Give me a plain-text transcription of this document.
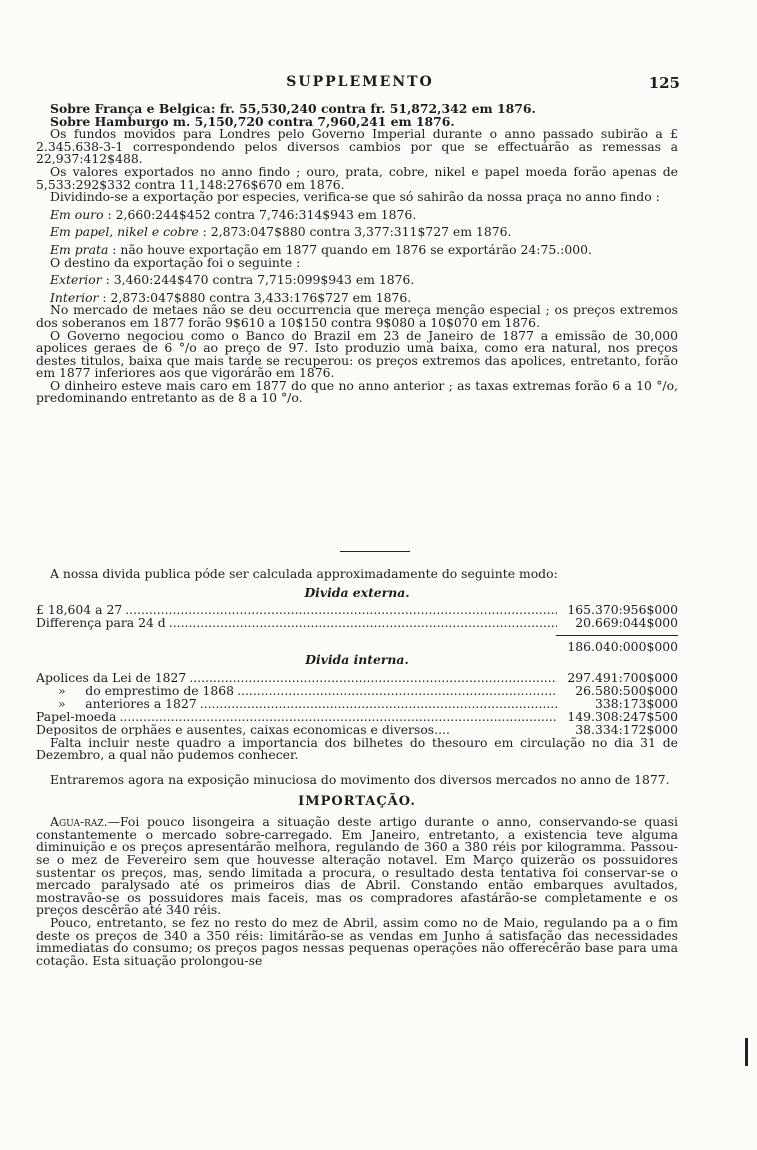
SUPPLEMENTO	125

Sobre França e Belgica: fr. 55,530,240 contra fr. 51,872,342 em 1876.

Sobre Hamburgo m. 5,150,720 contra 7,960,241 em 1876.

Os fundos movidos para Londres pelo Governo Imperial durante o anno passado subirão a £ 2.345.638-3-1 correspondendo pelos diversos cambios por que se effectuárão as remessas a 22,937:412$488.

Os valores exportados no anno findo ; ouro, prata, cobre, nikel e papel moeda forão apenas de 5,533:292$332 contra 11,148:276$670 em 1876.

Dividindo-se a exportação por especies, verifica-se que só sahirão da nossa praça no anno findo :

Em ouro : 2,660:244$452 contra 7,746:314$943 em 1876.

Em papel, nikel e cobre : 2,873:047$880 contra 3,377:311$727 em 1876.

Em prata : não houve exportação em 1877 quando em 1876 se exportárão 24:75.:000.

O destino da exportação foi o seguinte :

Exterior : 3,460:244$470 contra 7,715:099$943 em 1876.

Interior : 2,873:047$880 contra 3,433:176$727 em 1876.

No mercado de metaes não se deu occurrencia que mereça menção especial ; os preços extremos dos soberanos em 1877 forão 9$610 a 10$150 contra 9$080 a 10$070 em 1876.

O Governo negociou como o Banco do Brazil em 23 de Janeiro de 1877 a emissão de 30,000 apolices geraes de 6 °/o ao preço de 97. Isto produzio uma baixa, como era natural, nos preços destes titulos, baixa que mais tarde se recuperou: os preços extremos das apolices, entretanto, forão em 1877 inferiores aos que vigorárão em 1876.

O dinheiro esteve mais caro em 1877 do que no anno anterior ; as taxas extremas forão 6 a 10 °/o, predominando entretanto as de 8 a 10 °/o.

A nossa divida publica póde ser calculada approximadamente do seguinte modo:

Divida externa.

£ 18,604 a 27 .....	165.370:956$000
Differença para 24 d .....	20.669:044$000
186.040:000$000

Divida interna.

Apolices da Lei de 1827 .....	297.491:700$000
»     do emprestimo de 1868 .....	26.580:500$000
»     anteriores a 1827 .....	338:173$000
Papel-moeda .....	149.308:247$500
Depositos de orphães e ausentes, caixas economicas e diversos....	38.334:172$000

Falta incluir neste quadro a importancia dos bilhetes do thesouro em circulação no dia 31 de Dezembro, a qual não pudemos conhecer.

Entraremos agora na exposição minuciosa do movimento dos diversos mercados no anno de 1877.

IMPORTAÇÃO.

Agua-raz.—Foi pouco lisongeira a situação deste artigo durante o anno, conservando-se quasi constantemente o mercado sobre-carregado. Em Janeiro, entretanto, a existencia teve alguma diminuição e os preços apresentárão melhora, regulando de 360 a 380 réis por kilogramma. Passou-se o mez de Fevereiro sem que houvesse alteração notavel. Em Março quizerão os possuidores sustentar os preços, mas, sendo limitada a procura, o resultado desta tentativa foi conservar-se o mercado paralysado até os primeiros dias de Abril. Constando então embarques avultados, mostravão-se os possuidores mais faceis, mas os compradores afastárão-se completamente e os preços descêrão até 340 réis.

Pouco, entretanto, se fez no resto do mez de Abril, assim como no de Maio, regulando pa a o fim deste os preços de 340 a 350 réis: limitárão-se as vendas em Junho á satisfação das necessidades immediatas do consumo; os preços pagos nessas pequenas operações não offerecêrão base para uma cotação. Esta situação prolongou-se
